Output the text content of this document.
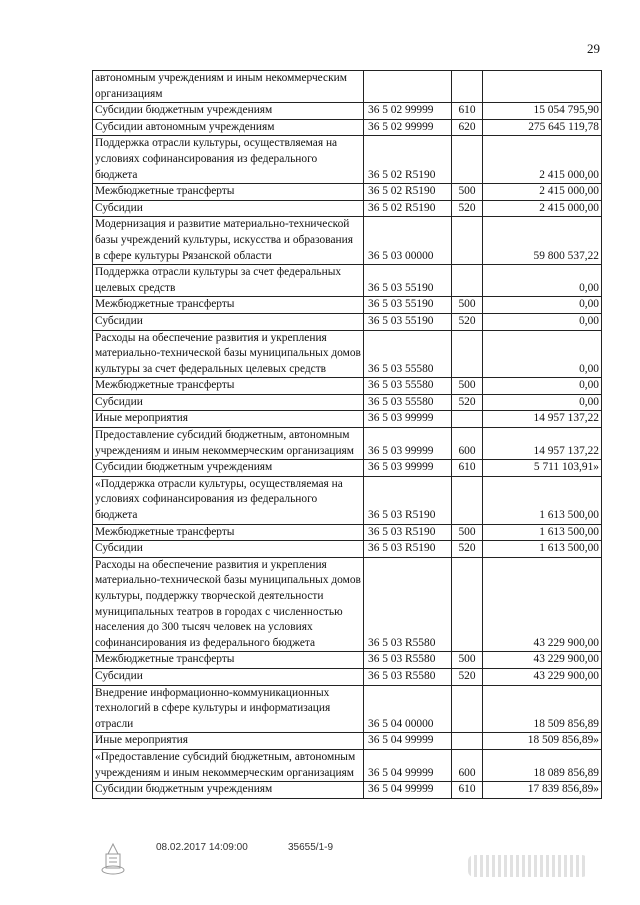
29
автономным учреждениям и иным некоммерческим организациям			
Субсидии бюджетным учреждениям	36 5 02 99999	610	15 054 795,90
Субсидии автономным учреждениям	36 5 02 99999	620	275 645 119,78
Поддержка отрасли культуры, осуществляемая на условиях софинансирования из федерального бюджета	36 5 02 R5190		2 415 000,00
Межбюджетные трансферты	36 5 02 R5190	500	2 415 000,00
Субсидии	36 5 02 R5190	520	2 415 000,00
Модернизация и развитие материально-технической базы учреждений культуры, искусства и образования в сфере культуры Рязанской области	36 5 03 00000		59 800 537,22
Поддержка отрасли культуры за счет федеральных целевых средств	36 5 03 55190		0,00
Межбюджетные трансферты	36 5 03 55190	500	0,00
Субсидии	36 5 03 55190	520	0,00
Расходы на обеспечение развития и укрепления материально-технической базы муниципальных домов культуры за счет федеральных целевых средств	36 5 03 55580		0,00
Межбюджетные трансферты	36 5 03 55580	500	0,00
Субсидии	36 5 03 55580	520	0,00
Иные мероприятия	36 5 03 99999		14 957 137,22
Предоставление субсидий бюджетным, автономным учреждениям и иным некоммерческим организациям	36 5 03 99999	600	14 957 137,22
Субсидии бюджетным учреждениям	36 5 03 99999	610	5 711 103,91»
«Поддержка отрасли культуры, осуществляемая на условиях софинансирования из федерального бюджета	36 5 03 R5190		1 613 500,00
Межбюджетные трансферты	36 5 03 R5190	500	1 613 500,00
Субсидии	36 5 03 R5190	520	1 613 500,00
Расходы на обеспечение развития и укрепления материально-технической базы муниципальных домов культуры, поддержку творческой деятельности муниципальных театров в городах с численностью населения до 300 тысяч человек на условиях софинансирования из федерального бюджета	36 5 03 R5580		43 229 900,00
Межбюджетные трансферты	36 5 03 R5580	500	43 229 900,00
Субсидии	36 5 03 R5580	520	43 229 900,00
Внедрение информационно-коммуникационных технологий в сфере культуры и информатизация отрасли	36 5 04 00000		18 509 856,89
Иные мероприятия	36 5 04 99999		18 509 856,89»
«Предоставление субсидий бюджетным, автономным учреждениям и иным некоммерческим организациям	36 5 04 99999	600	18 089 856,89
Субсидии бюджетным учреждениям	36 5 04 99999	610	17 839 856,89»
08.02.2017 14:09:00	35655/1-9
